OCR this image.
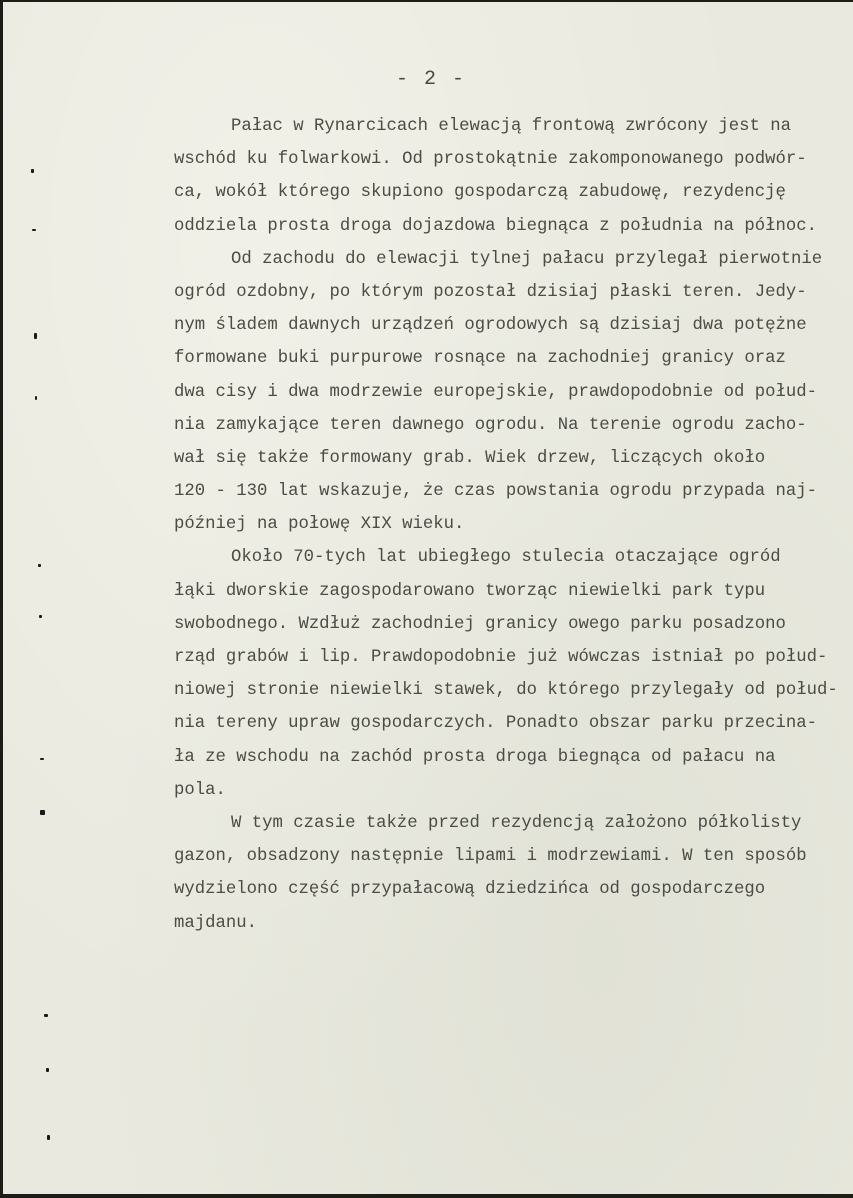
- 2 -
Pałac w Rynarcicach elewacją frontową zwrócony jest na
wschód ku folwarkowi. Od prostokątnie zakomponowanego podwór-
ca, wokół którego skupiono gospodarczą zabudowę, rezydencję
oddziela prosta droga dojazdowa biegnąca z południa na północ.
Od zachodu do elewacji tylnej pałacu przylegał pierwotnie
ogród ozdobny, po którym pozostał dzisiaj płaski teren. Jedy-
nym śladem dawnych urządzeń ogrodowych są dzisiaj dwa potężne
formowane buki purpurowe rosnące na zachodniej granicy oraz
dwa cisy i dwa modrzewie europejskie, prawdopodobnie od połud-
nia zamykające teren dawnego ogrodu. Na terenie ogrodu zacho-
wał się także formowany grab. Wiek drzew, liczących około
120 - 130 lat wskazuje, że czas powstania ogrodu przypada naj-
później na połowę XIX wieku.
Około 70-tych lat ubiegłego stulecia otaczające ogród
łąki dworskie zagospodarowano tworząc niewielki park typu
swobodnego. Wzdłuż zachodniej granicy owego parku posadzono
rząd grabów i lip. Prawdopodobnie już wówczas istniał po połud-
niowej stronie niewielki stawek, do którego przylegały od połud-
nia tereny upraw gospodarczych. Ponadto obszar parku przecina-
ła ze wschodu na zachód prosta droga biegnąca od pałacu na
pola.
W tym czasie także przed rezydencją założono półkolisty
gazon, obsadzony następnie lipami i modrzewiami. W ten sposób
wydzielono część przypałacową dziedzińca od gospodarczego
majdanu.
